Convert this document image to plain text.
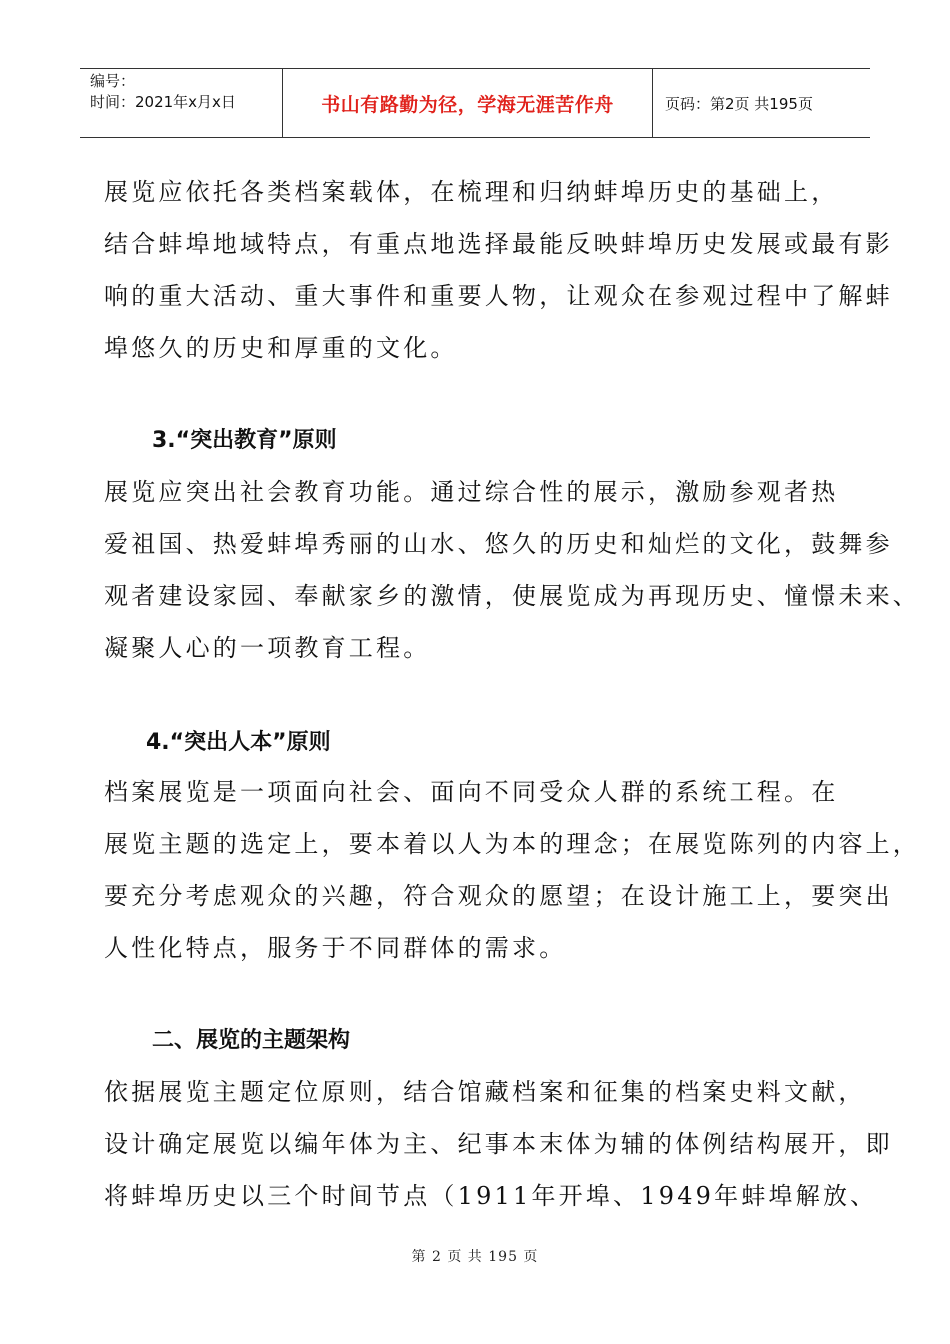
编号：
时间：2021年x月x日	书山有路勤为径，学海无涯苦作舟	页码：第2页 共195页
展览应依托各类档案载体，在梳理和归纳蚌埠历史的基础上，
结合蚌埠地域特点，有重点地选择最能反映蚌埠历史发展或最有影
响的重大活动、重大事件和重要人物，让观众在参观过程中了解蚌
埠悠久的历史和厚重的文化。
3.“突出教育”原则
展览应突出社会教育功能。通过综合性的展示，激励参观者热
爱祖国、热爱蚌埠秀丽的山水、悠久的历史和灿烂的文化，鼓舞参
观者建设家园、奉献家乡的激情，使展览成为再现历史、憧憬未来、
凝聚人心的一项教育工程。
4.“突出人本”原则
档案展览是一项面向社会、面向不同受众人群的系统工程。在
展览主题的选定上，要本着以人为本的理念；在展览陈列的内容上，
要充分考虑观众的兴趣，符合观众的愿望；在设计施工上，要突出
人性化特点，服务于不同群体的需求。
二、展览的主题架构
依据展览主题定位原则，结合馆藏档案和征集的档案史料文献，
设计确定展览以编年体为主、纪事本末体为辅的体例结构展开，即
将蚌埠历史以三个时间节点（1911年开埠、1949年蚌埠解放、
第 2 页 共 195 页
